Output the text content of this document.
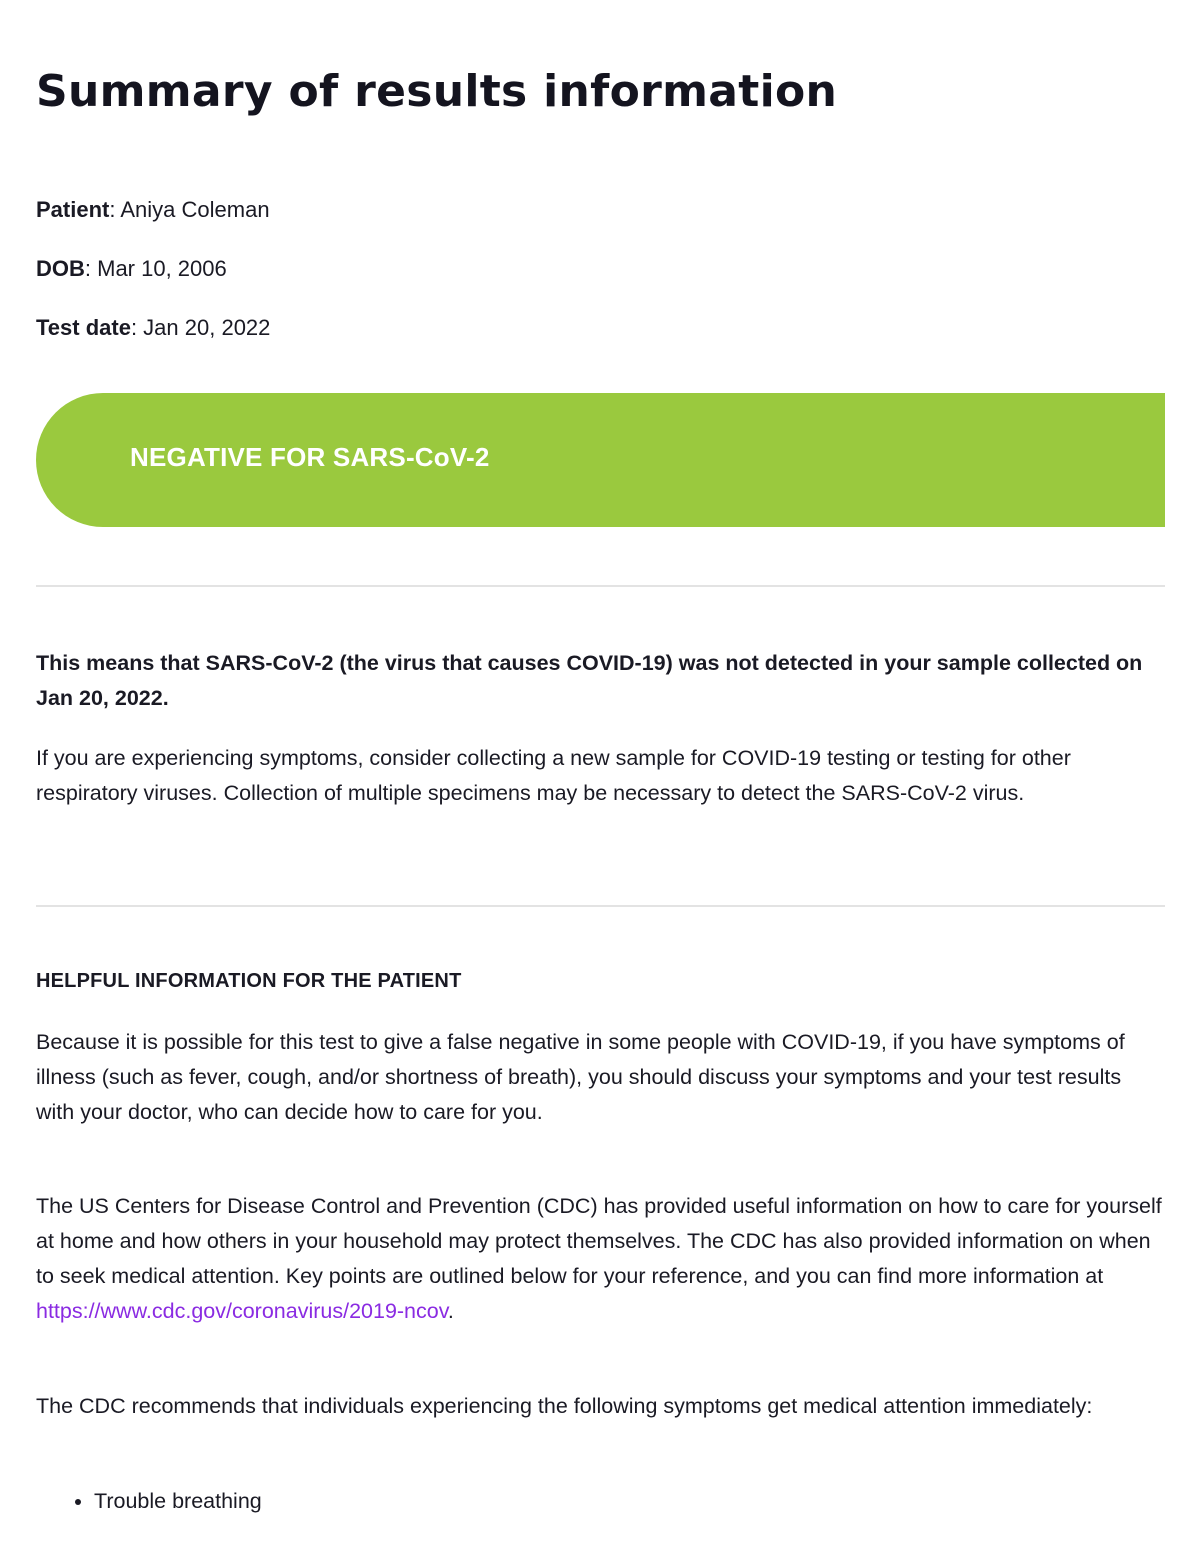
Summary of results information
Patient: Aniya Coleman
DOB: Mar 10, 2006
Test date: Jan 20, 2022
NEGATIVE FOR SARS-CoV-2

This means that SARS-CoV-2 (the virus that causes COVID-19) was not detected in your sample collected on Jan 20, 2022.

If you are experiencing symptoms, consider collecting a new sample for COVID-19 testing or testing for other respiratory viruses. Collection of multiple specimens may be necessary to detect the SARS-CoV-2 virus.

HELPFUL INFORMATION FOR THE PATIENT

Because it is possible for this test to give a false negative in some people with COVID-19, if you have symptoms of illness (such as fever, cough, and/or shortness of breath), you should discuss your symptoms and your test results with your doctor, who can decide how to care for you.

The US Centers for Disease Control and Prevention (CDC) has provided useful information on how to care for yourself at home and how others in your household may protect themselves. The CDC has also provided information on when to seek medical attention. Key points are outlined below for your reference, and you can find more information at
https://www.cdc.gov/coronavirus/2019-ncov.

The CDC recommends that individuals experiencing the following symptoms get medical attention immediately:

• Trouble breathing
